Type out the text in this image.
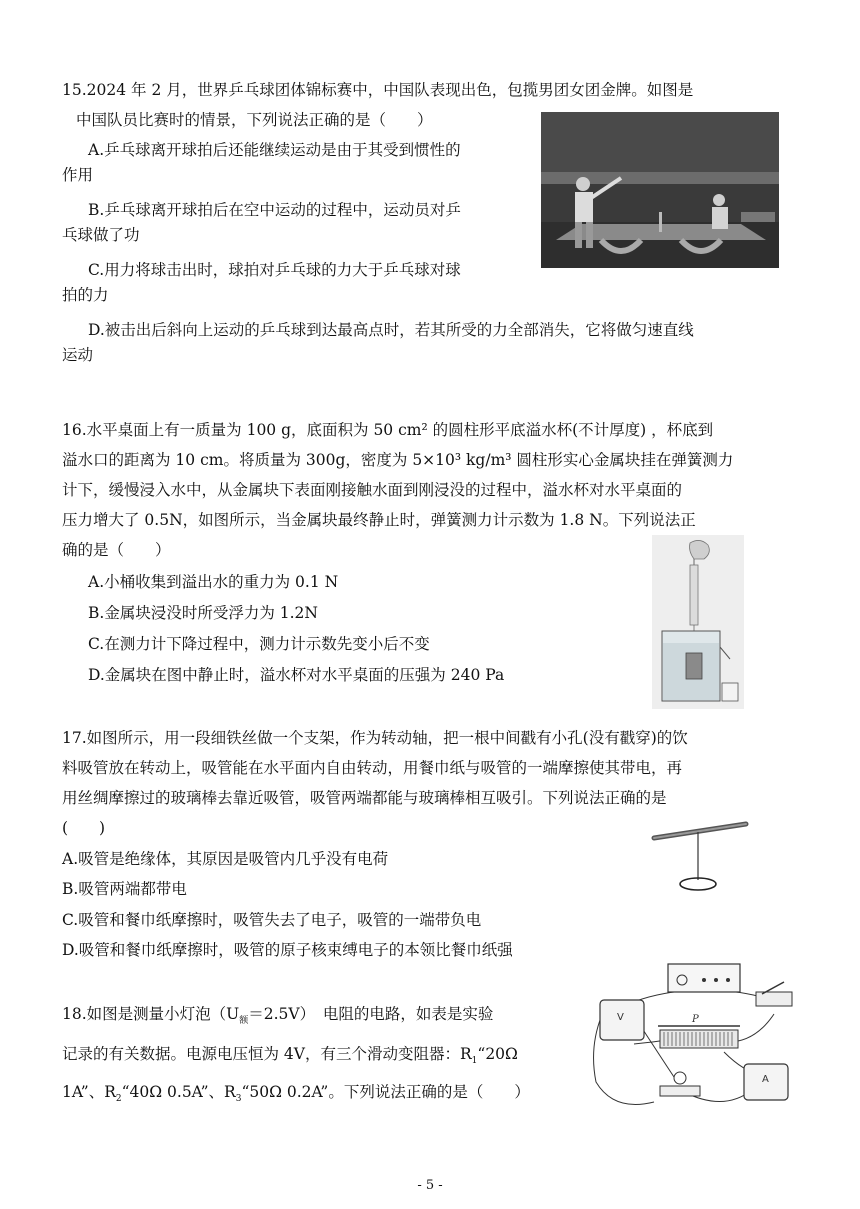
15.2024 年 2 月，世界乒乓球团体锦标赛中，中国队表现出色，包揽男团女团金牌。如图是
中国队员比赛时的情景，下列说法正确的是（　　）
A.乒乓球离开球拍后还能继续运动是由于其受到惯性的
作用
B.乒乓球离开球拍后在空中运动的过程中，运动员对乒
乓球做了功
C.用力将球击出时，球拍对乒乓球的力大于乒乓球对球
拍的力
D.被击出后斜向上运动的乒乓球到达最高点时，若其所受的力全部消失，它将做匀速直线
运动
16.水平桌面上有一质量为 100 g，底面积为 50 cm² 的圆柱形平底溢水杯(不计厚度) ，杯底到
溢水口的距离为 10 cm。将质量为 300g，密度为 5×10³ kg/m³ 圆柱形实心金属块挂在弹簧测力
计下，缓慢浸入水中，从金属块下表面刚接触水面到刚浸没的过程中，溢水杯对水平桌面的
压力增大了 0.5N，如图所示，当金属块最终静止时，弹簧测力计示数为 1.8 N。下列说法正
确的是（　　）
A.小桶收集到溢出水的重力为 0.1 N
B.金属块浸没时所受浮力为 1.2N
C.在测力计下降过程中，测力计示数先变小后不变
D.金属块在图中静止时，溢水杯对水平桌面的压强为 240 Pa
17.如图所示，用一段细铁丝做一个支架，作为转动轴，把一根中间戳有小孔(没有戳穿)的饮
料吸管放在转动上，吸管能在水平面内自由转动，用餐巾纸与吸管的一端摩擦使其带电，再
用丝绸摩擦过的玻璃棒去靠近吸管，吸管两端都能与玻璃棒相互吸引。下列说法正确的是
(　　)
A.吸管是绝缘体，其原因是吸管内几乎没有电荷
B.吸管两端都带电
C.吸管和餐巾纸摩擦时，吸管失去了电子，吸管的一端带负电
D.吸管和餐巾纸摩擦时，吸管的原子核束缚电子的本领比餐巾纸强
18.如图是测量小灯泡$(U_额=2.5V)$　电阻的电路，如表是实验
记录的有关数据。电源电压恒为 4V，有三个滑动变阻器：$R_1“20\Omega$
1A”、$R_2“40\Omega$ 0.5A”、$R_3“50\Omega$ 0.2A”。下列说法正确的是（　　）
V	P
A
- 5 -
